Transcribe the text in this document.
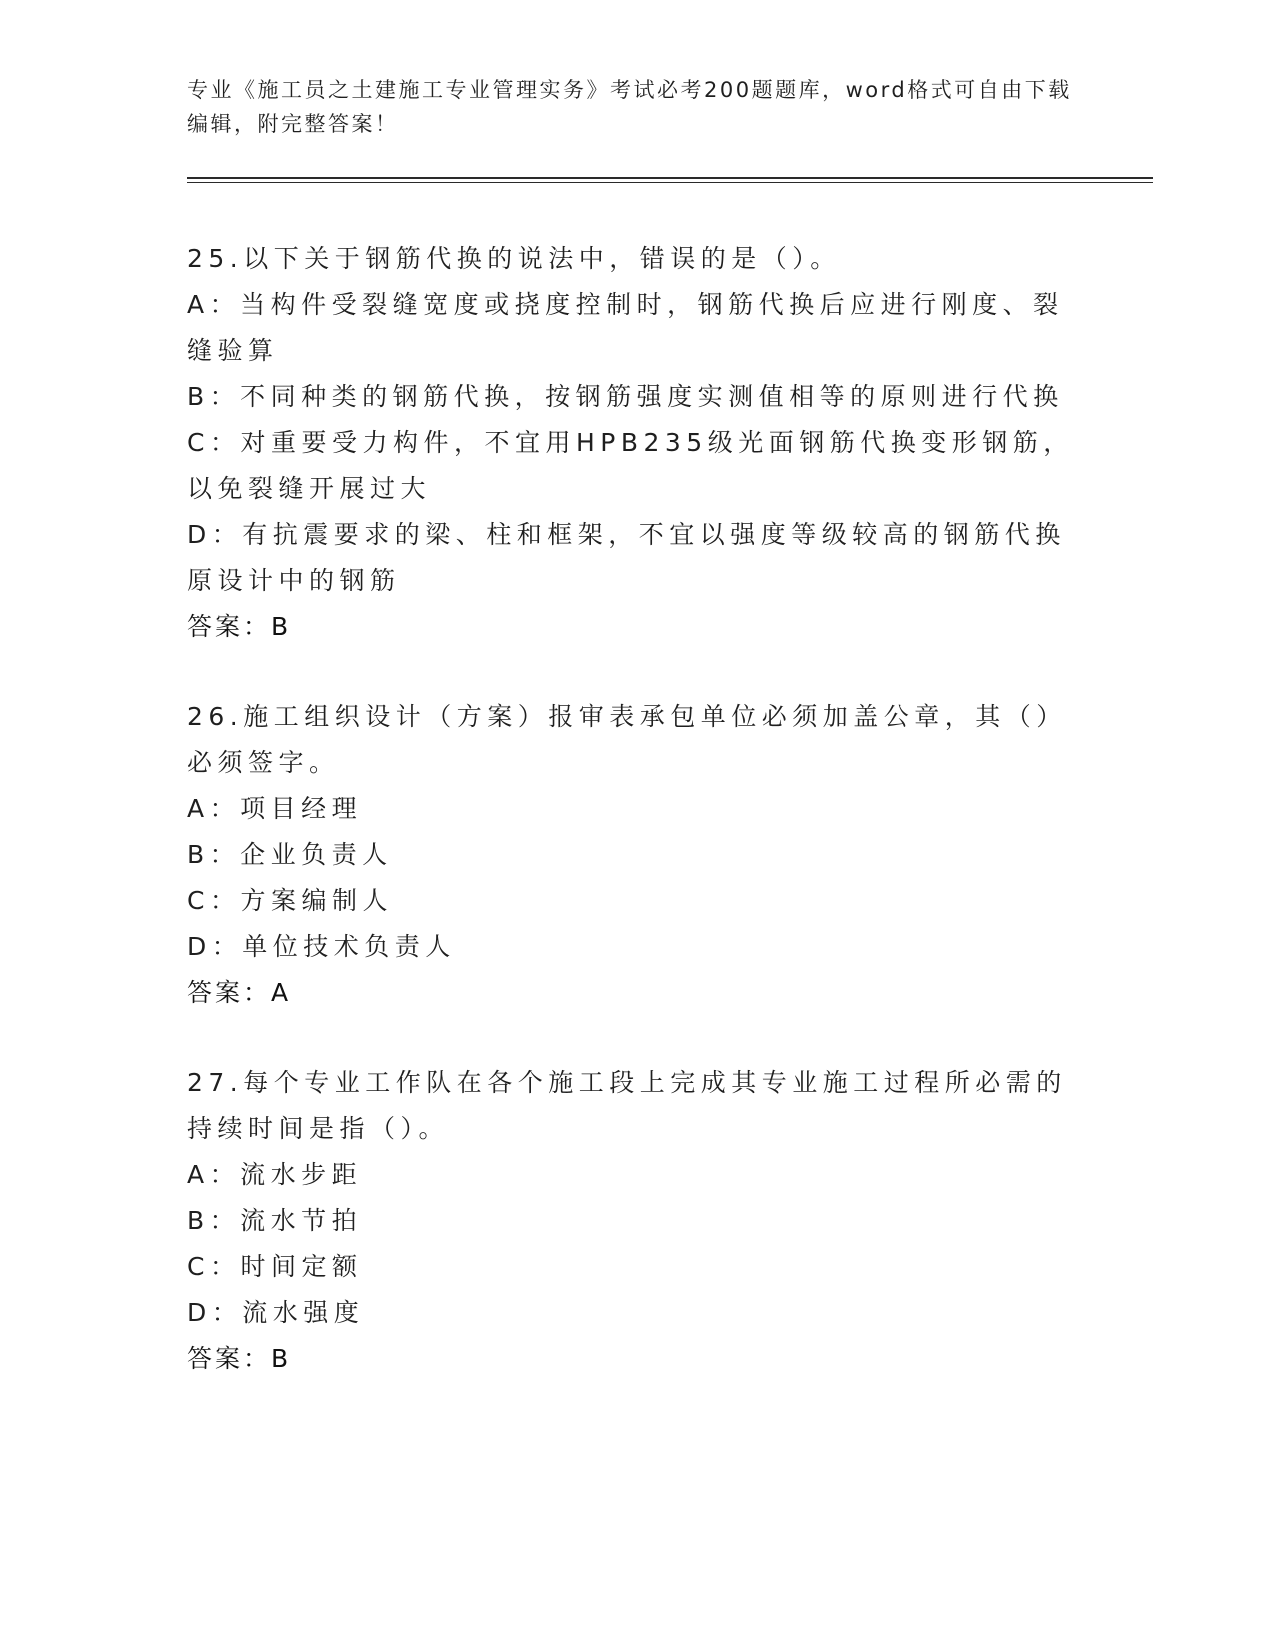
专业《施工员之土建施工专业管理实务》考试必考200题题库，word格式可自由下载编辑，附完整答案！
25.以下关于钢筋代换的说法中，错误的是（）。
A：当构件受裂缝宽度或挠度控制时，钢筋代换后应进行刚度、裂缝验算
B：不同种类的钢筋代换，按钢筋强度实测值相等的原则进行代换
C：对重要受力构件，不宜用HPB235级光面钢筋代换变形钢筋，以免裂缝开展过大
D：有抗震要求的梁、柱和框架，不宜以强度等级较高的钢筋代换原设计中的钢筋
答案：B
26.施工组织设计（方案）报审表承包单位必须加盖公章，其（）必须签字。
A：项目经理
B：企业负责人
C：方案编制人
D：单位技术负责人
答案：A
27.每个专业工作队在各个施工段上完成其专业施工过程所必需的持续时间是指（）。
A：流水步距
B：流水节拍
C：时间定额
D：流水强度
答案：B
